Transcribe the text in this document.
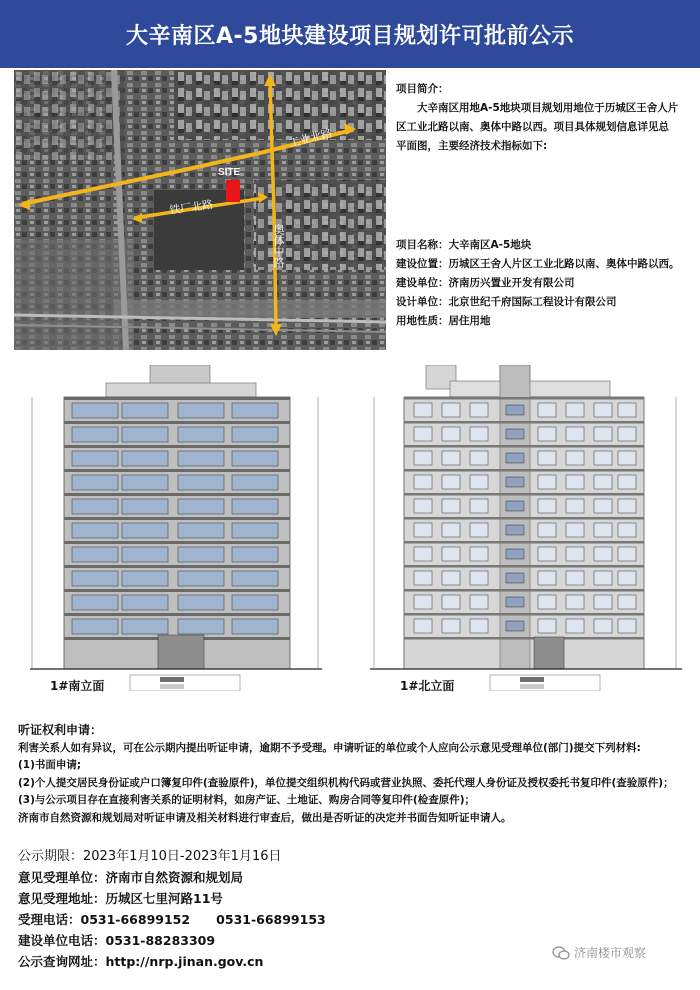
大辛南区A-5地块建设项目规划许可批前公示
SITE
工业北路
铁厂北路
奥体中路
项目简介：

大辛南区用地A-5地块项目规划用地位于历城区王舍人片

区工业北路以南、奥体中路以西。项目具体规划信息详见总
平面图，主要经济技术指标如下:
项目名称：大辛南区A-5地块
建设位置：历城区王舍人片区工业北路以南、奥体中路以西。
建设单位：济南历兴置业开发有限公司
设计单位：北京世纪千府国际工程设计有限公司
用地性质：居住用地
1#南立面	1#北立面
听证权利申请：
利害关系人如有异议，可在公示期内提出听证申请，逾期不予受理。申请听证的单位或个人应向公示意见受理单位(部门)提交下列材料:
(1)书面申请;
(2)个人提交居民身份证或户口簿复印件(查验原件)，单位提交组织机构代码或营业执照、委托代理人身份证及授权委托书复印件(查验原件)；
(3)与公示项目存在直接利害关系的证明材料，如房产证、土地证、购房合同等复印件(检查原件)；
济南市自然资源和规划局对听证申请及相关材料进行审查后，做出是否听证的决定并书面告知听证申请人。
公示期限：2023年1月10日-2023年1月16日
意见受理单位：济南市自然资源和规划局
意见受理地址：历城区七里河路11号
受理电话：0531-66899152      0531-66899153
建设单位电话：0531-88283309
公示查询网址：http://nrp.jinan.gov.cn
济南楼市观察
